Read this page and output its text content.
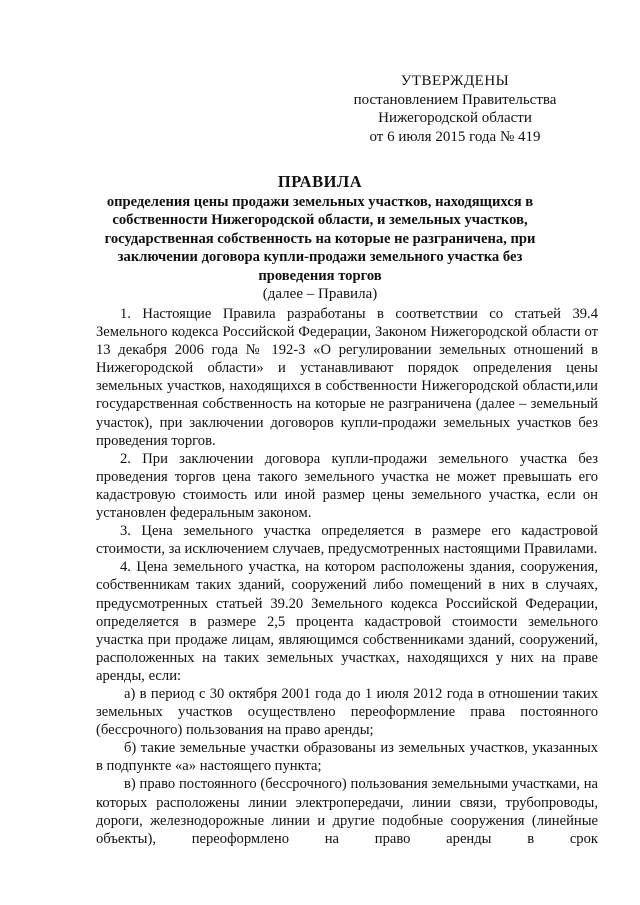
УТВЕРЖДЕНЫ
постановлением Правительства
Нижегородской области
от 6 июля 2015 года № 419
ПРАВИЛА
определения цены продажи земельных участков, находящихся в собственности Нижегородской области, и земельных участков, государственная собственность на которые не разграничена, при заключении договора купли-продажи земельного участка без проведения торгов
(далее – Правила)

1. Настоящие Правила разработаны в соответствии со статьей 39.4 Земельного кодекса Российской Федерации, Законом Нижегородской области от 13 декабря 2006 года № 192-З «О регулировании земельных отношений в Нижегородской области» и устанавливают порядок определения цены земельных участков, находящихся в собственности Нижегородской области,или государственная собственность на которые не разграничена (далее – земельный участок), при заключении договоров купли-продажи земельных участков без проведения торгов.

2. При заключении договора купли-продажи земельного участка без проведения торгов цена такого земельного участка не может превышать его кадастровую стоимость или иной размер цены земельного участка, если он установлен федеральным законом.

3. Цена земельного участка определяется в размере его кадастровой стоимости, за исключением случаев, предусмотренных настоящими Правилами.

4. Цена земельного участка, на котором расположены здания, сооружения, собственникам таких зданий, сооружений либо помещений в них в случаях, предусмотренных статьей 39.20 Земельного кодекса Российской Федерации, определяется в размере 2,5 процента кадастровой стоимости земельного участка при продаже лицам, являющимся собственниками зданий, сооружений, расположенных на таких земельных участках, находящихся у них на праве аренды, если:

а) в период с 30 октября 2001 года до 1 июля 2012 года в отношении таких земельных участков осуществлено переоформление права постоянного (бессрочного) пользования на право аренды;

б) такие земельные участки образованы из земельных участков, указанных в подпункте «а» настоящего пункта;

в) право постоянного (бессрочного) пользования земельными участками, на которых расположены линии электропередачи, линии связи, трубопроводы, дороги, железнодорожные линии и другие подобные сооружения (линейные объекты), переоформлено на право аренды в срок
